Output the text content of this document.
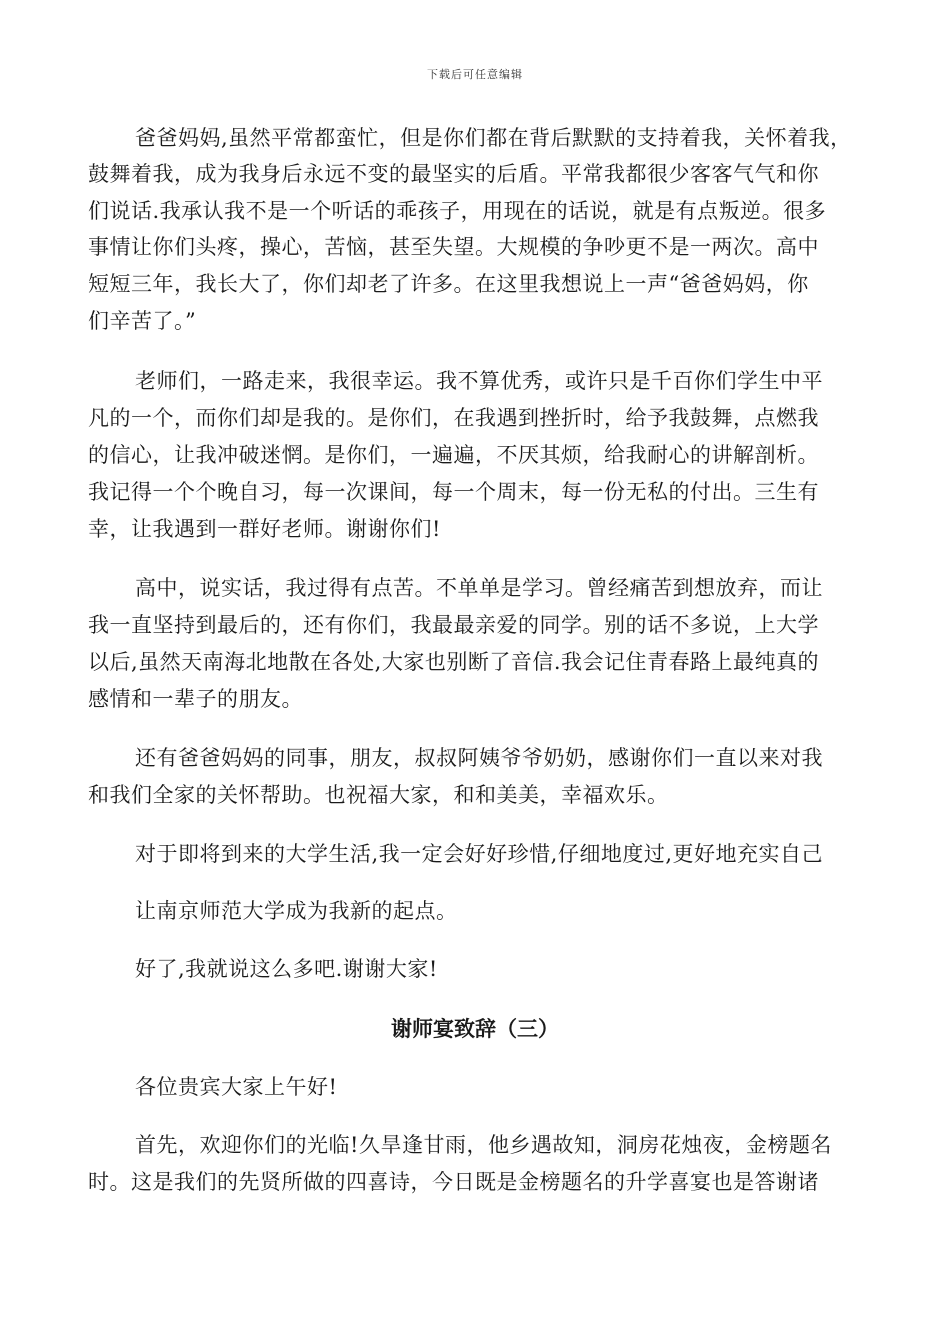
下载后可任意编辑
爸爸妈妈,虽然平常都蛮忙，但是你们都在背后默默的支持着我，关怀着我，
鼓舞着我，成为我身后永远不变的最坚实的后盾。平常我都很少客客气气和你
们说话.我承认我不是一个听话的乖孩子，用现在的话说，就是有点叛逆。很多
事情让你们头疼，操心，苦恼，甚至失望。大规模的争吵更不是一两次。高中
短短三年，我长大了，你们却老了许多。在这里我想说上一声“爸爸妈妈，你
们辛苦了。”
老师们，一路走来，我很幸运。我不算优秀，或许只是千百你们学生中平
凡的一个，而你们却是我的。是你们，在我遇到挫折时，给予我鼓舞，点燃我
的信心，让我冲破迷惘。是你们，一遍遍，不厌其烦，给我耐心的讲解剖析。
我记得一个个晚自习，每一次课间，每一个周末，每一份无私的付出。三生有
幸，让我遇到一群好老师。谢谢你们!
高中，说实话，我过得有点苦。不单单是学习。曾经痛苦到想放弃，而让
我一直坚持到最后的，还有你们，我最最亲爱的同学。别的话不多说，上大学
以后,虽然天南海北地散在各处,大家也别断了音信.我会记住青春路上最纯真的
感情和一辈子的朋友。
还有爸爸妈妈的同事，朋友，叔叔阿姨爷爷奶奶，感谢你们一直以来对我
和我们全家的关怀帮助。也祝福大家，和和美美，幸福欢乐。
对于即将到来的大学生活,我一定会好好珍惜,仔细地度过,更好地充实自己
让南京师范大学成为我新的起点。
好了,我就说这么多吧.谢谢大家!
谢师宴致辞（三）
各位贵宾大家上午好!
首先，欢迎你们的光临!久旱逢甘雨，他乡遇故知，洞房花烛夜，金榜题名
时。这是我们的先贤所做的四喜诗，今日既是金榜题名的升学喜宴也是答谢诸
